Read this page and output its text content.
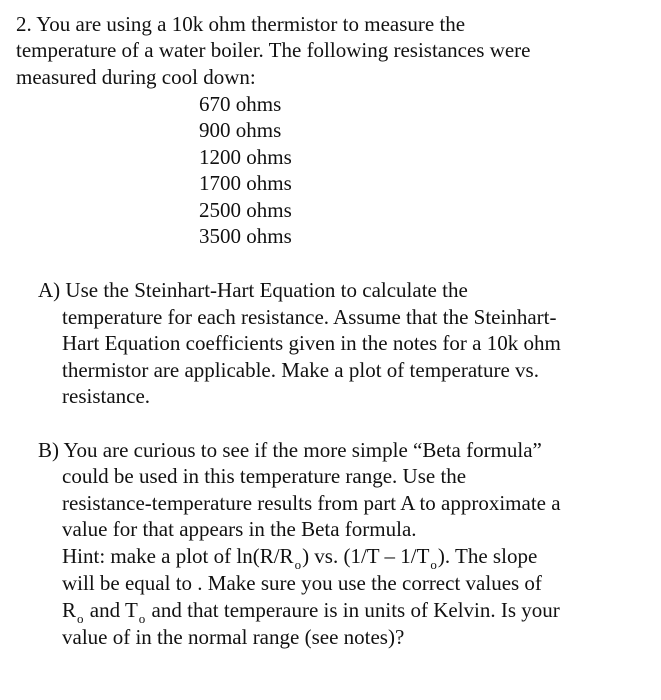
2. You are using a 10k ohm thermistor to measure the
temperature of a water boiler. The following resistances were
measured during cool down:
670 ohms
900 ohms
1200 ohms
1700 ohms
2500 ohms
3500 ohms
A) Use the Steinhart-Hart Equation to calculate the
temperature for each resistance. Assume that the Steinhart-
Hart Equation coefficients given in the notes for a 10k ohm
thermistor are applicable. Make a plot of temperature vs.
resistance.
B) You are curious to see if the more simple “Beta formula”
could be used in this temperature range. Use the
resistance-temperature results from part A to approximate a
value for that appears in the Beta formula.
Hint: make a plot of $\ln(R/R_o)$ vs. $(1/T - 1/T_o)$. The slope
will be equal to . Make sure you use the correct values of
$R_o$ and $T_o$ and that temperaure is in units of Kelvin. Is your
value of in the normal range (see notes)?
